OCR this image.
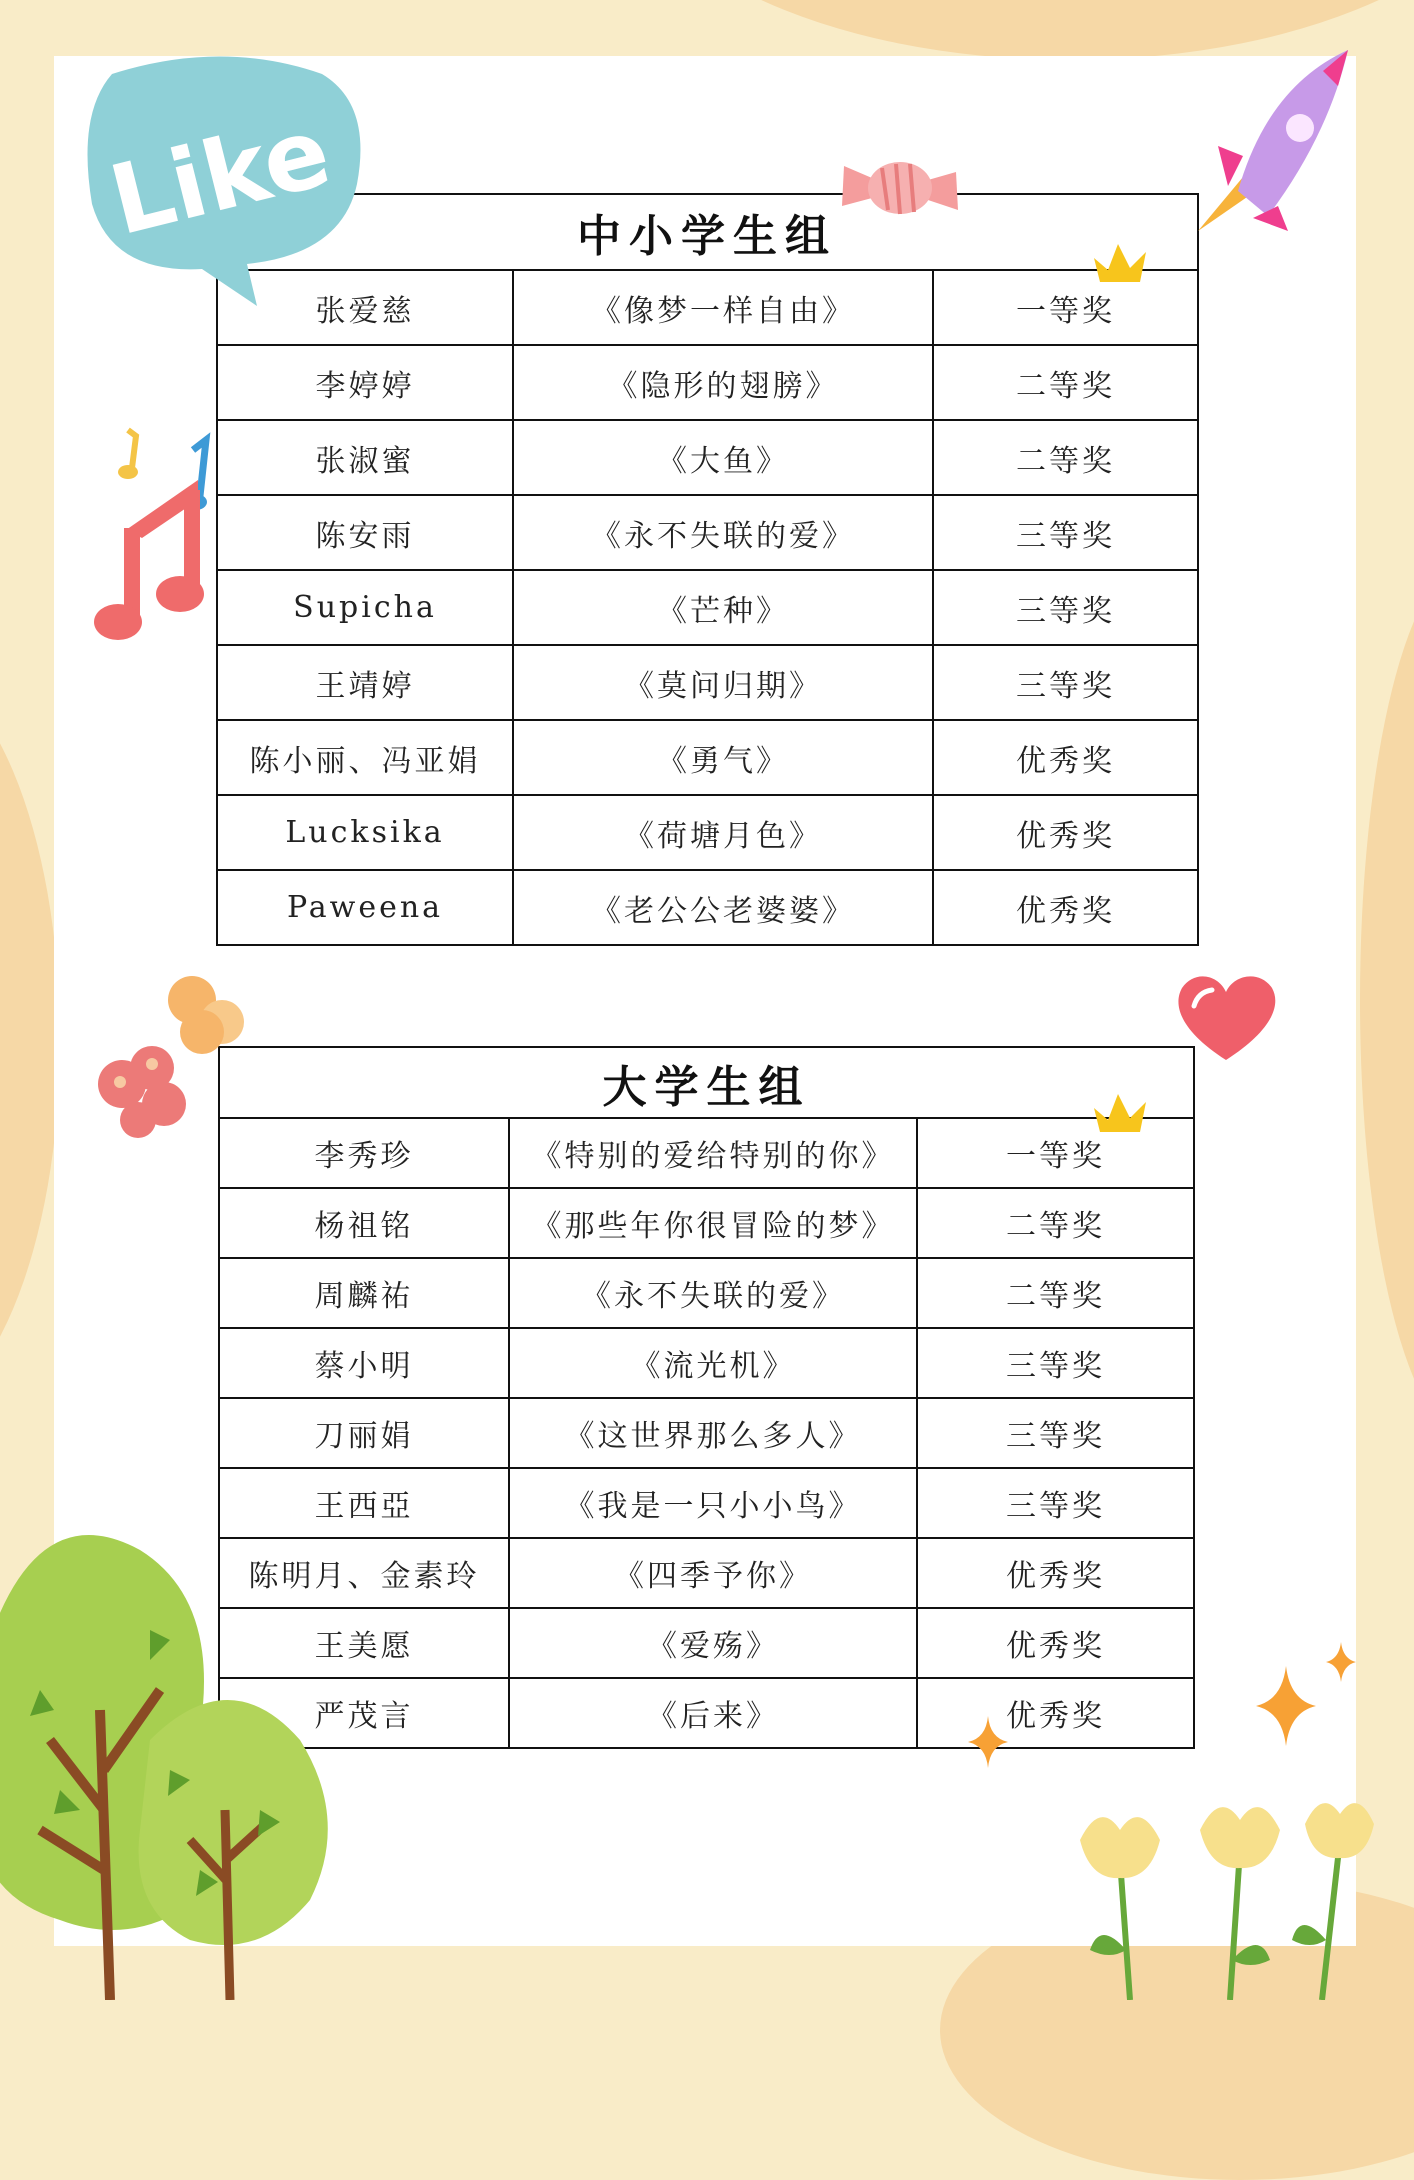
中小学生组		
张爱慈	《像梦一样自由》	一等奖
李婷婷	《隐形的翅膀》	二等奖
张淑蜜	《大鱼》	二等奖
陈安雨	《永不失联的爱》	三等奖
Supicha	《芒种》	三等奖
王靖婷	《莫问归期》	三等奖
陈小丽、冯亚娟	《勇气》	优秀奖
Lucksika	《荷塘月色》	优秀奖
Paweena	《老公公老婆婆》	优秀奖
大学生组		
李秀珍	《特别的爱给特别的你》	一等奖
杨祖铭	《那些年你很冒险的梦》	二等奖
周麟祐	《永不失联的爱》	二等奖
蔡小明	《流光机》	三等奖
刀丽娟	《这世界那么多人》	三等奖
王西亞	《我是一只小小鸟》	三等奖
陈明月、金素玲	《四季予你》	优秀奖
王美愿	《爱殇》	优秀奖
严茂言	《后来》	优秀奖
Like
